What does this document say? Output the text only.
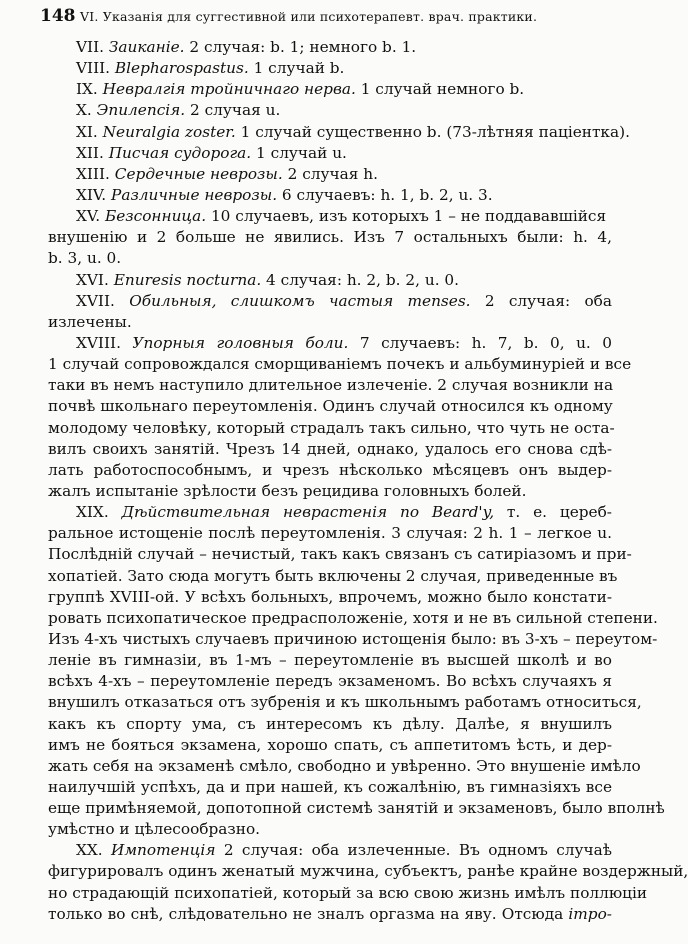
148 VI. Указанія для суггестивной или психотерапевт. врач. практики.
VII. Заиканіе. 2 случая: b. 1; немного b. 1.
VIII. Blepharospastus. 1 случай b.
IX. Невралгія тройничнаго нерва. 1 случай немного b.
X. Эпилепсія. 2 случая u.
XI. Neuralgia zoster. 1 случай существенно b. (73-лѣтняя паціентка).
XII. Писчая судорога. 1 случай u.
XIII. Сердечные неврозы. 2 случая h.
XIV. Различные неврозы. 6 случаевъ: h. 1, b. 2, u. 3.
XV. Безсонница. 10 случаевъ, изъ которыхъ 1 – не поддававшійся
внушенію и 2 больше не явились. Изъ 7 остальныхъ были: h. 4,
b. 3, u. 0.
XVI. Enuresis nocturna. 4 случая: h. 2, b. 2, u. 0.
XVII. Обильныя, слишкомъ частыя menses. 2 случая: оба
излечены.
XVIII. Упорныя головныя боли. 7 случаевъ: h. 7, b. 0, u. 0
1 случай сопровождался сморщиваніемъ почекъ и альбуминуріей и все
таки въ немъ наступило длительное излеченіе. 2 случая возникли на
почвѣ школьнаго переутомленія. Одинъ случай относился къ одному
молодому человѣку, который страдалъ такъ сильно, что чуть не оста-
вилъ своихъ занятій. Чрезъ 14 дней, однако, удалось его снова сдѣ-
лать работоспособнымъ, и чрезъ нѣсколько мѣсяцевъ онъ выдер-
жалъ испытаніе зрѣлости безъ рецидива головныхъ болей.
XIX. Дѣйствительная неврастенія по Beard'y, т. е. цереб-
ральное истощеніе послѣ переутомленія. 3 случая: 2 h. 1 – легкое u.
Послѣдній случай – нечистый, такъ какъ связанъ съ сатиріазомъ и при-
хопатіей. Зато сюда могутъ быть включены 2 случая, приведенные въ
группѣ XVIII-ой. У всѣхъ больныхъ, впрочемъ, можно было констати-
ровать психопатическое предрасположеніе, хотя и не въ сильной степени.
Изъ 4-хъ чистыхъ случаевъ причиною истощенія было: въ 3-хъ – переутом-
леніе въ гимназіи, въ 1-мъ – переутомленіе въ высшей школѣ и во
всѣхъ 4-хъ – переутомленіе передъ экзаменомъ. Во всѣхъ случаяхъ я
внушилъ отказаться отъ зубренія и къ школьнымъ работамъ относиться,
какъ къ спорту ума, съ интересомъ къ дѣлу. Далѣе, я внушилъ
имъ не бояться экзамена, хорошо спать, съ аппетитомъ ѣсть, и дер-
жать себя на экзаменѣ смѣло, свободно и увѣренно. Это внушеніе имѣло
наилучшій успѣхъ, да и при нашей, къ сожалѣнію, въ гимназіяхъ все
еще примѣняемой, допотопной системѣ занятій и экзаменовъ, было вполнѣ
умѣстно и цѣлесообразно.
XX. Импотенція 2 случая: оба излеченные. Въ одномъ случаѣ
фигурировалъ одинъ женатый мужчина, субъектъ, ранѣе крайне воздержный,
но страдающій психопатіей, который за всю свою жизнь имѣлъ поллюціи
только во снѣ, слѣдовательно не зналъ оргазма на яву. Отсюда impo-
